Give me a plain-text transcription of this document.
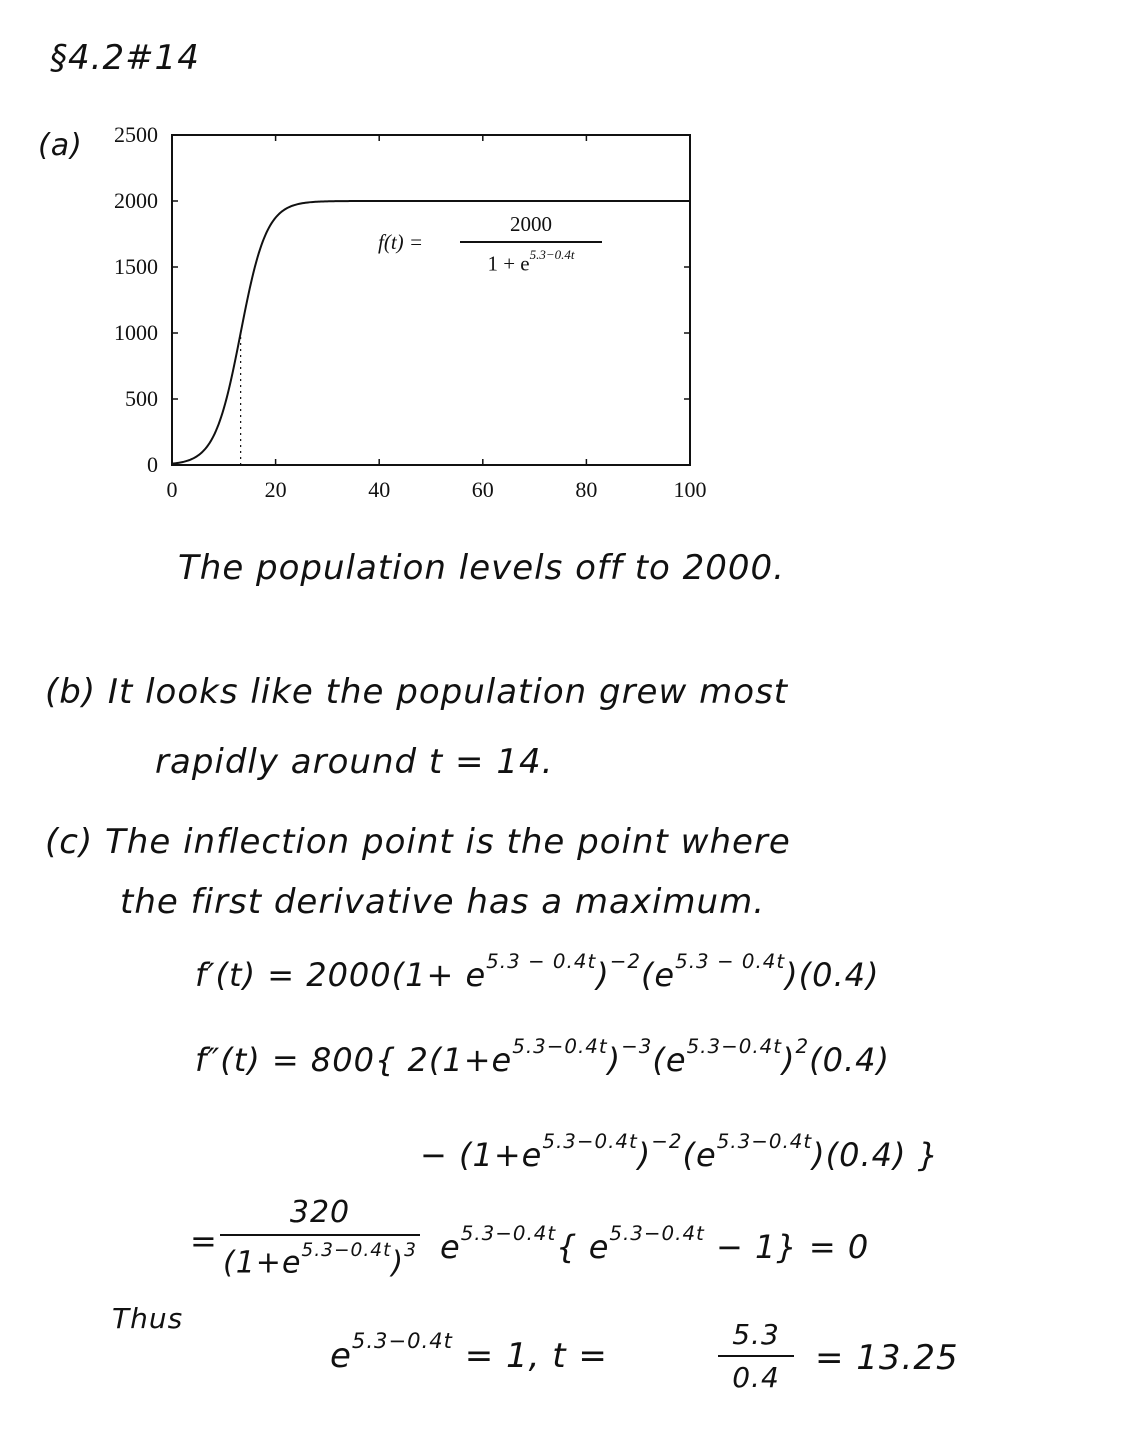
§4.2#14
(a)
0	20	40	60	80	100
0
500
1000
1500
2000
2500
f(t) =
2000
$1 + e^{5.3-0.4t}$
The population levels off to 2000.
(b) It looks like the population grew most
rapidly around t = 14.
(c) The inflection point is the point where
the first derivative has a maximum.
$f'(t) = 2000(1+ e^{5.3 - 0.4t})^{-2}(e^{5.3 - 0.4t})(0.4)$
f″(t) = 800{ $2(1+e^{5.3-0.4t})^{-3}(e^{5.3-0.4t})^2(0.4)$
− $(1+e^{5.3-0.4t})^{-2}(e^{5.3-0.4t})(0.4)$ }
=
320
$(1+e^{5.3-0.4t})^3$ $e^{5.3-0.4t}${ $e^{5.3-0.4t} - 1\} = 0$
Thus
$e^{5.3-0.4t} = 1$, t =
5.3
0.4	= 13.25
